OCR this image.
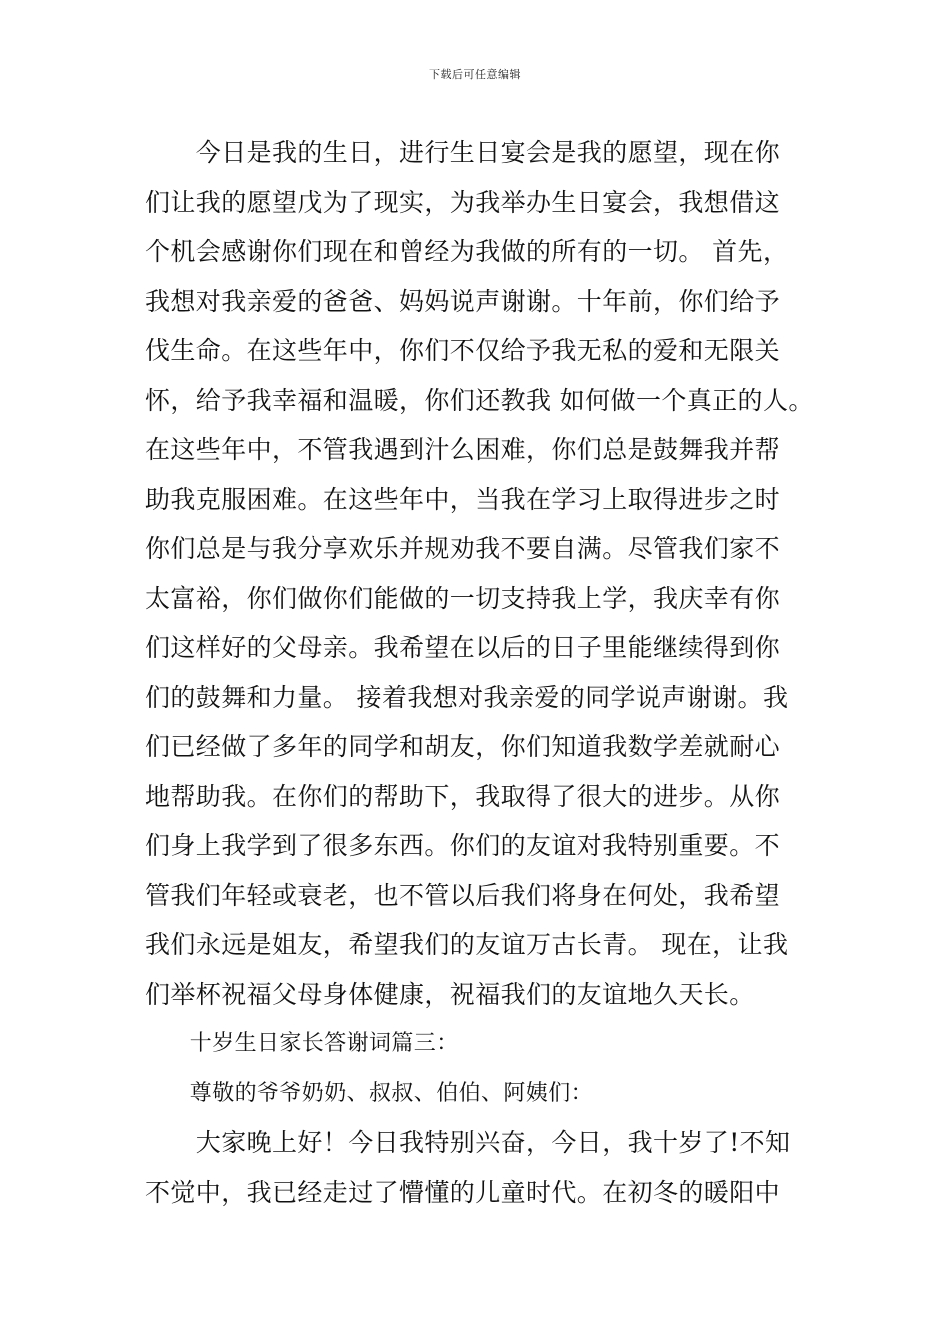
下载后可任意编辑
　　今日是我的生日，进行生日宴会是我的愿望，现在你
们让我的愿望戊为了现实，为我举办生日宴会，我想借这
个机会感谢你们现在和曾经为我做的所有的一切。 首先，
我想对我亲爱的爸爸、妈妈说声谢谢。十年前，你们给予
伐生命。在这些年中，你们不仅给予我无私的爱和无限关
怀，给予我幸福和温暖，你们还教我 如何做一个真正的人。
在这些年中，不管我遇到汁么困难，你们总是鼓舞我并帮
助我克服困难。在这些年中，当我在学习上取得进步之时
你们总是与我分享欢乐并规劝我不要自满。尽管我们家不
太富裕，你们做你们能做的一切支持我上学，我庆幸有你
们这样好的父母亲。我希望在以后的日子里能继续得到你
们的鼓舞和力量。 接着我想对我亲爱的同学说声谢谢。我
们已经做了多年的同学和胡友，你们知道我数学差就耐心
地帮助我。在你们的帮助下，我取得了很大的进步。从你
们身上我学到了很多东西。你们的友谊对我特别重要。不
管我们年轻或衰老，也不管以后我们将身在何处，我希望
我们永远是姐友，希望我们的友谊万古长青。 现在，让我
们举杯祝福父母身体健康，祝福我们的友谊地久天长。
　　十岁生日家长答谢词篇三：
　　尊敬的爷爷奶奶、叔叔、伯伯、阿姨们：
　　大家晚上好！今日我特别兴奋，今日，我十岁了!不知
不觉中，我已经走过了懵懂的儿童时代。在初冬的暖阳中
